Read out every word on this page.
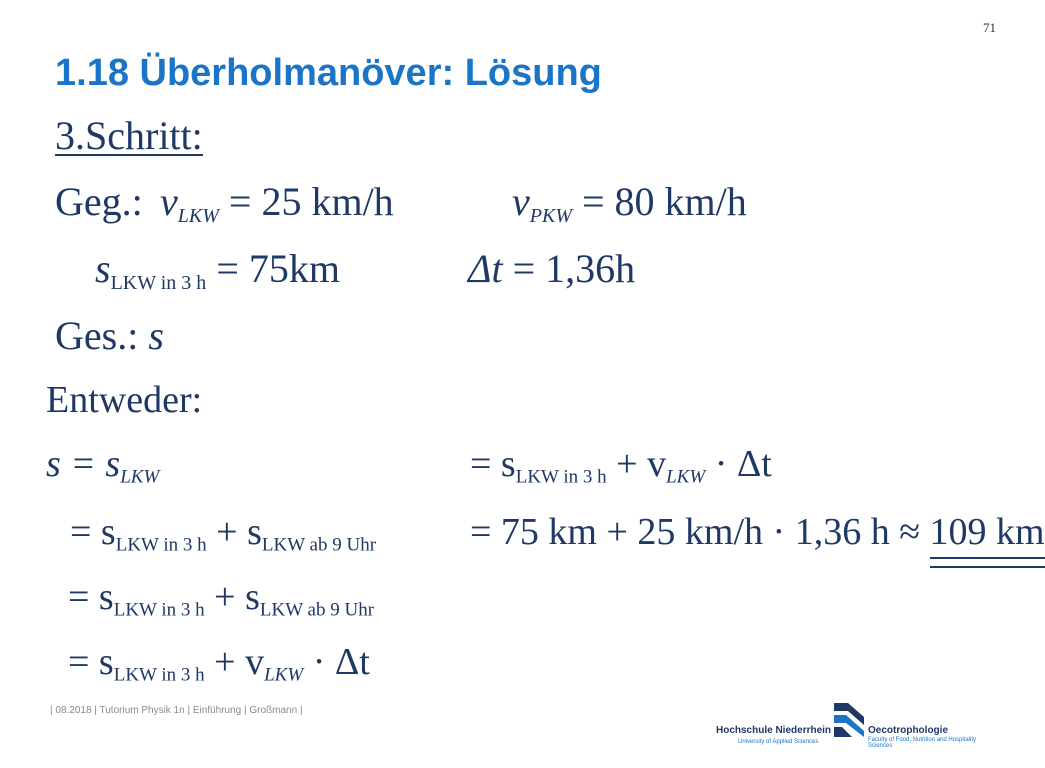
71
1.18 Überholmanöver: Lösung
3.Schritt:
Geg.: $v_{LKW} = 25$ km/h	$v_{PKW} = 80$ km/h
$s_{LKW in 3 h} = 75km$	Δt = 1,36h
Ges.: s
Entweder:
$s = s_{LKW}$
= $s_{LKW in 3 h} + s_{LKW ab 9 Uhr}$
= $s_{LKW in 3 h} + s_{LKW ab 9 Uhr}$
= $s_{LKW in 3 h} + v_{LKW} \cdot \Delta t$
= $s_{LKW in 3 h} + v_{LKW} \cdot \Delta t$
= 75 km + 25 km/h · 1,36 h ≈ 109 km
| 08.2018 | Tutorium Physik 1n | Einführung | Großmann |
Hochschule Niederrhein
University of Applied Sciences
Oecotrophologie
Faculty of Food, Nutrition and Hospitality Sciences
